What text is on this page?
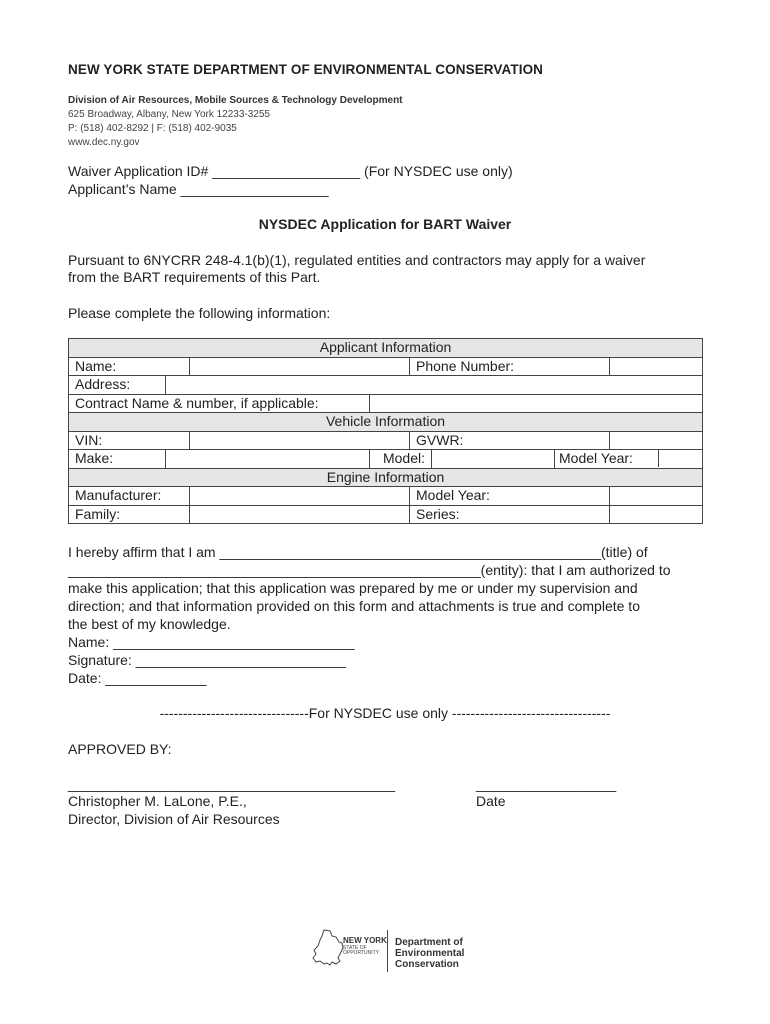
NEW YORK STATE DEPARTMENT OF ENVIRONMENTAL CONSERVATION
Division of Air Resources, Mobile Sources & Technology Development
625 Broadway, Albany, New York 12233-3255
P: (518) 402-8292 | F: (518) 402-9035
www.dec.ny.gov
Waiver Application ID# ___________________ (For NYSDEC use only)
Applicant’s Name ___________________
NYSDEC Application for BART Waiver
Pursuant to 6NYCRR 248-4.1(b)(1), regulated entities and contractors may apply for a waiver
from the BART requirements of this Part.
Please complete the following information:
Applicant Information							
Name:				Phone Number:			
Address:							
Contract Name & number, if applicable:							
Vehicle Information							
VIN:				GVWR:			
Make:			Model:			Model Year:	

Engine Information							
Manufacturer:				Model Year:			
Family:				Series:			
I hereby affirm that I am _________________________________________________(title) of
_____________________________________________________(entity): that I am authorized to
make this application; that this application was prepared by me or under my supervision and
direction; and that information provided on this form and attachments is true and complete to
the best of my knowledge.
Name: _______________________________
Signature: ___________________________
Date: _____________
--------------------------------For NYSDEC use only ----------------------------------
APPROVED BY:
__________________________________________	__________________
Christopher M. LaLone, P.E.,	Date
Director, Division of Air Resources
NEW YORK
STATE OF
OPPORTUNITY
Department of
Environmental
Conservation
